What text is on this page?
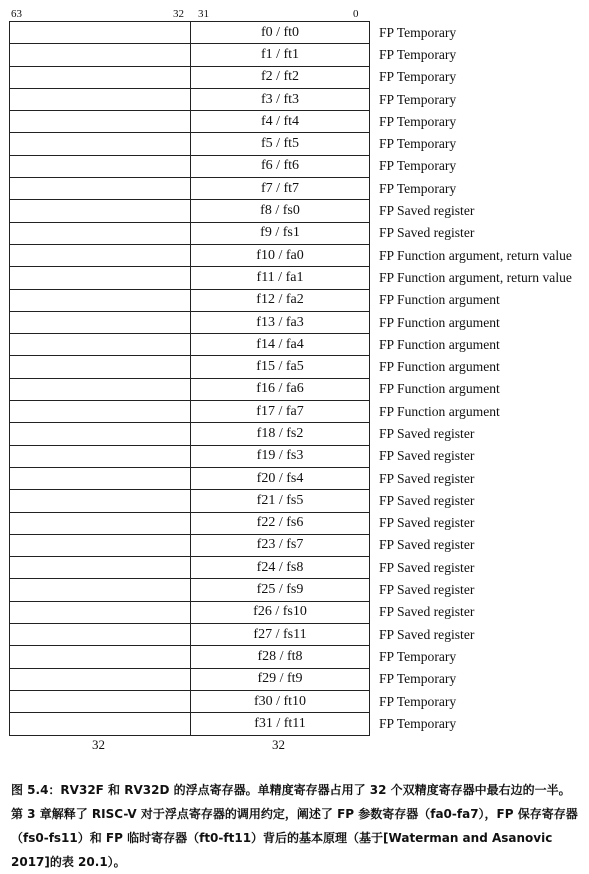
63	32 31	0
	f0 / ft0	FP Temporary
	f1 / ft1	FP Temporary
	f2 / ft2	FP Temporary
	f3 / ft3	FP Temporary
	f4 / ft4	FP Temporary
	f5 / ft5	FP Temporary
	f6 / ft6	FP Temporary
	f7 / ft7	FP Temporary
	f8 / fs0	FP Saved register
	f9 / fs1	FP Saved register
	f10 / fa0	FP Function argument, return value
	f11 / fa1	FP Function argument, return value
	f12 / fa2	FP Function argument
	f13 / fa3	FP Function argument
	f14 / fa4	FP Function argument
	f15 / fa5	FP Function argument
	f16 / fa6	FP Function argument
	f17 / fa7	FP Function argument
	f18 / fs2	FP Saved register
	f19 / fs3	FP Saved register
	f20 / fs4	FP Saved register
	f21 / fs5	FP Saved register
	f22 / fs6	FP Saved register
	f23 / fs7	FP Saved register
	f24 / fs8	FP Saved register
	f25 / fs9	FP Saved register
	f26 / fs10	FP Saved register
	f27 / fs11	FP Saved register
	f28 / ft8	FP Temporary
	f29 / ft9	FP Temporary
	f30 / ft10	FP Temporary
	f31 / ft11	FP Temporary
32	32
图 5.4：RV32F 和 RV32D 的浮点寄存器。单精度寄存器占用了 32 个双精度寄存器中最右边的一半。第 3 章解释了 RISC-V 对于浮点寄存器的调用约定，阐述了 FP 参数寄存器（fa0-fa7），FP 保存寄存器（fs0-fs11）和 FP 临时寄存器（ft0-ft11）背后的基本原理（基于[Waterman and Asanovic 2017]的表 20.1）。
